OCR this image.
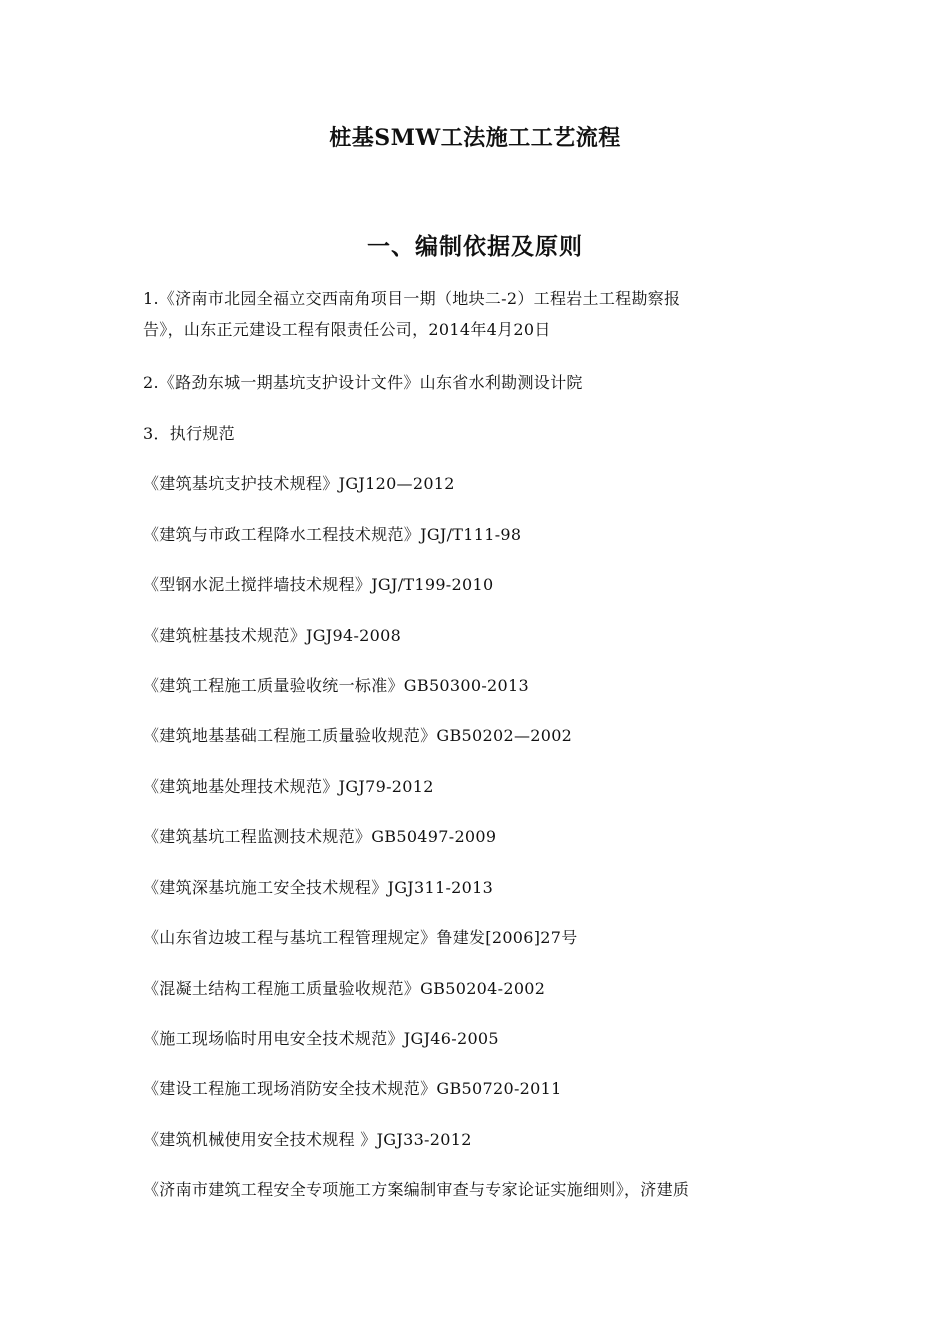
桩基SMW工法施工工艺流程
一、编制依据及原则

1.《济南市北园全福立交西南角项目一期（地块二-2）工程岩土工程勘察报
告》，山东正元建设工程有限责任公司，2014年4月20日

2.《路劲东城一期基坑支护设计文件》山东省水利勘测设计院

3．执行规范

《建筑基坑支护技术规程》JGJ120—2012

《建筑与市政工程降水工程技术规范》JGJ/T111-98

《型钢水泥土搅拌墙技术规程》JGJ/T199-2010

《建筑桩基技术规范》JGJ94-2008

《建筑工程施工质量验收统一标准》GB50300-2013

《建筑地基基础工程施工质量验收规范》GB50202—2002

《建筑地基处理技术规范》JGJ79-2012

《建筑基坑工程监测技术规范》GB50497-2009

《建筑深基坑施工安全技术规程》JGJ311-2013

《山东省边坡工程与基坑工程管理规定》鲁建发[2006]27号

《混凝土结构工程施工质量验收规范》GB50204-2002

《施工现场临时用电安全技术规范》JGJ46-2005

《建设工程施工现场消防安全技术规范》GB50720-2011

《建筑机械使用安全技术规程 》JGJ33-2012

《济南市建筑工程安全专项施工方案编制审查与专家论证实施细则》，济建质
